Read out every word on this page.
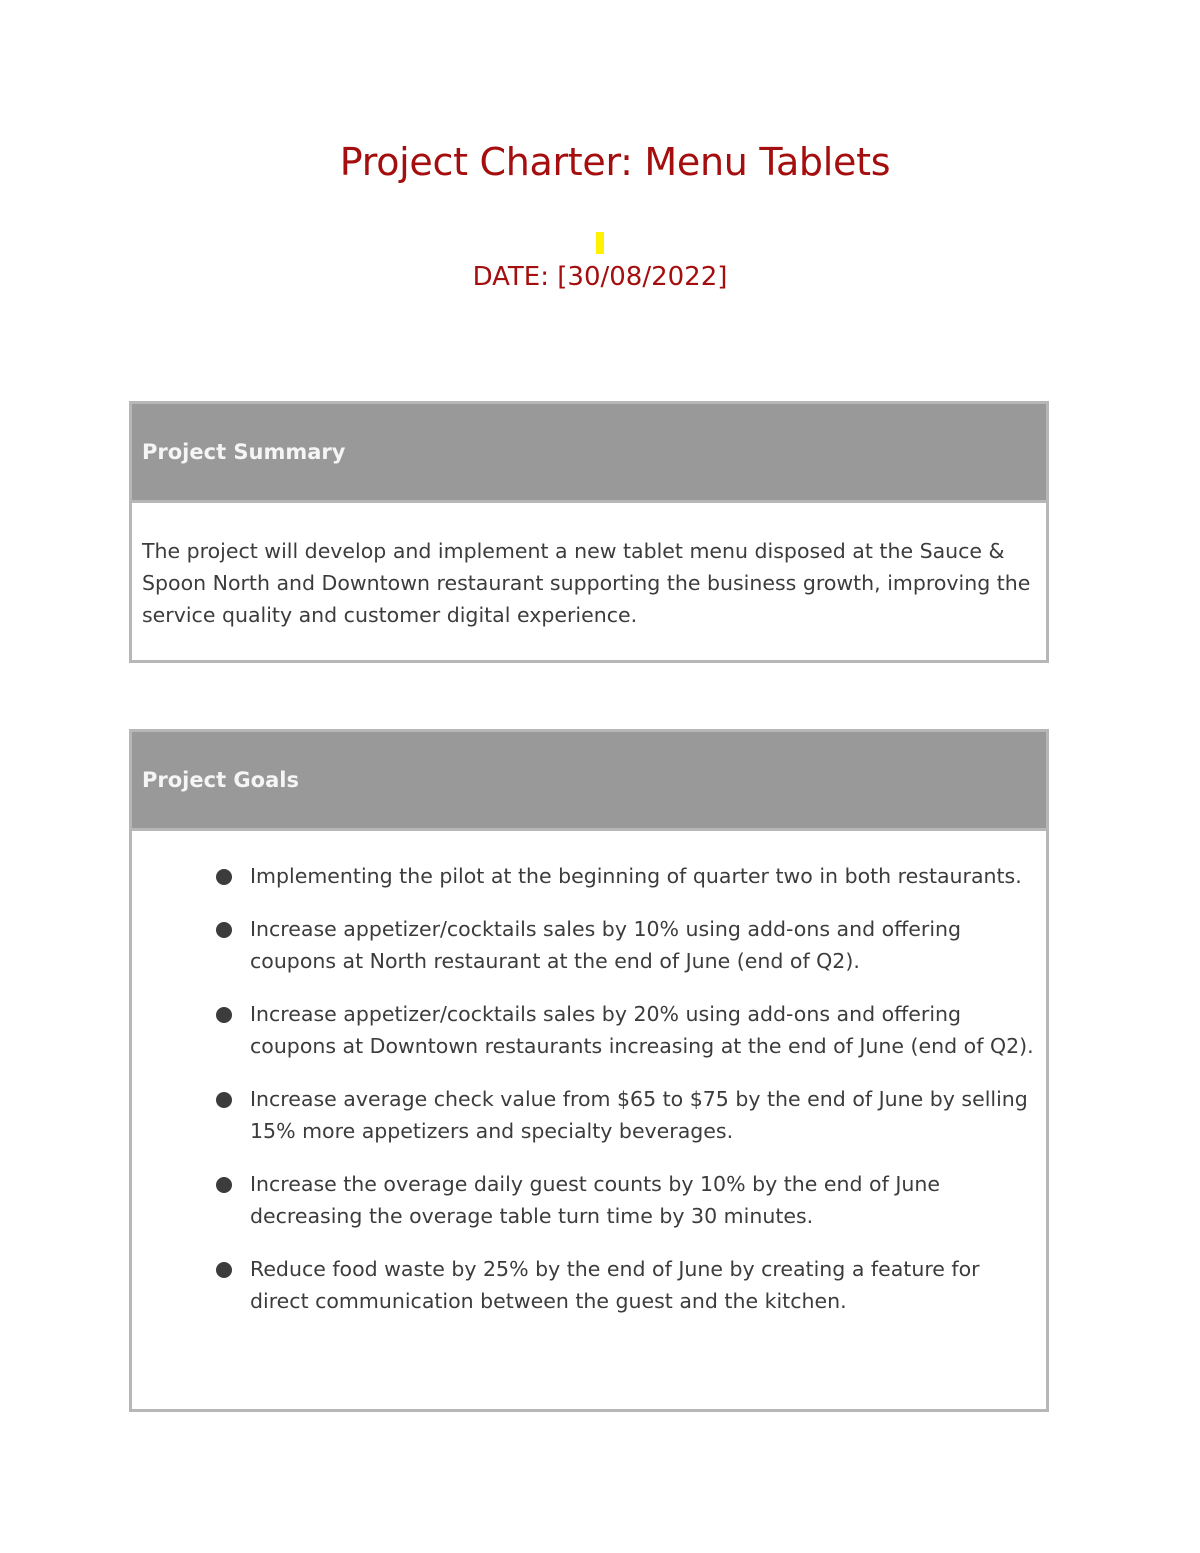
Project Charter: Menu Tablets
DATE: [30/08/2022]
Project Summary

The project will develop and implement a new tablet menu disposed at the Sauce & Spoon North and Downtown restaurant supporting the business growth, improving the service quality and customer digital experience.

Project Goals
Implementing the pilot at the beginning of quarter two in both restaurants.
Increase appetizer/cocktails sales by 10% using add-ons and offering coupons at North restaurant at the end of June (end of Q2).
Increase appetizer/cocktails sales by 20% using add-ons and offering coupons at Downtown restaurants increasing at the end of June (end of Q2).
Increase average check value from $65 to $75 by the end of June by selling 15% more appetizers and specialty beverages.
Increase the overage daily guest counts by 10% by the end of June decreasing the overage table turn time by 30 minutes.
Reduce food waste by 25% by the end of June by creating a feature for direct communication between the guest and the kitchen.
